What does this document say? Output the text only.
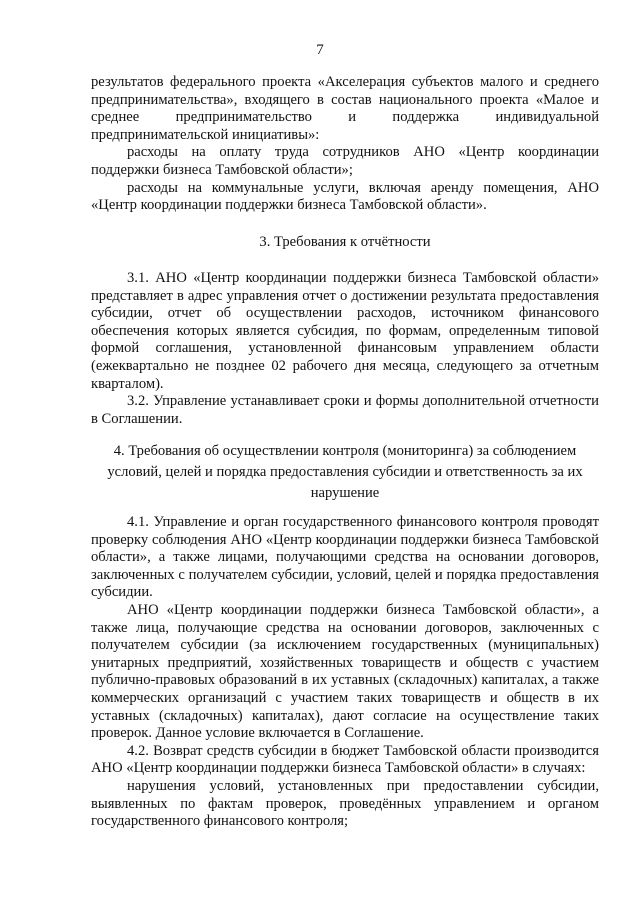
7

результатов федерального проекта «Акселерация субъектов малого и среднего предпринимательства», входящего в состав национального проекта «Малое и среднее предпринимательство и поддержка индивидуальной предпринимательской инициативы»:

расходы на оплату труда сотрудников АНО «Центр координации поддержки бизнеса Тамбовской области»;

расходы на коммунальные услуги, включая аренду помещения, АНО «Центр координации поддержки бизнеса Тамбовской области».

3. Требования к отчётности

3.1. АНО «Центр координации поддержки бизнеса Тамбовской области» представляет в адрес управления отчет о достижении результата предоставления субсидии, отчет об осуществлении расходов, источником финансового обеспечения которых является субсидия, по формам, определенным типовой формой соглашения, установленной финансовым управлением области (ежеквартально не позднее 02 рабочего дня месяца, следующего за отчетным кварталом).

3.2. Управление устанавливает сроки и формы дополнительной отчетности в Соглашении.

4. Требования об осуществлении контроля (мониторинга) за соблюдением условий, целей и порядка предоставления субсидии и ответственность за их нарушение

4.1. Управление и орган государственного финансового контроля проводят проверку соблюдения АНО «Центр координации поддержки бизнеса Тамбовской области», а также лицами, получающими средства на основании договоров, заключенных с получателем субсидии, условий, целей и порядка предоставления субсидии.

АНО «Центр координации поддержки бизнеса Тамбовской области», а также лица, получающие средства на основании договоров, заключенных с получателем субсидии (за исключением государственных (муниципальных) унитарных предприятий, хозяйственных товариществ и обществ с участием публично-правовых образований в их уставных (складочных) капиталах, а также коммерческих организаций с участием таких товариществ и обществ в их уставных (складочных) капиталах), дают согласие на осуществление таких проверок. Данное условие включается в Соглашение.

4.2. Возврат средств субсидии в бюджет Тамбовской области производится АНО «Центр координации поддержки бизнеса Тамбовской области» в случаях:

нарушения условий, установленных при предоставлении субсидии, выявленных по фактам проверок, проведённых управлением и органом государственного финансового контроля;
